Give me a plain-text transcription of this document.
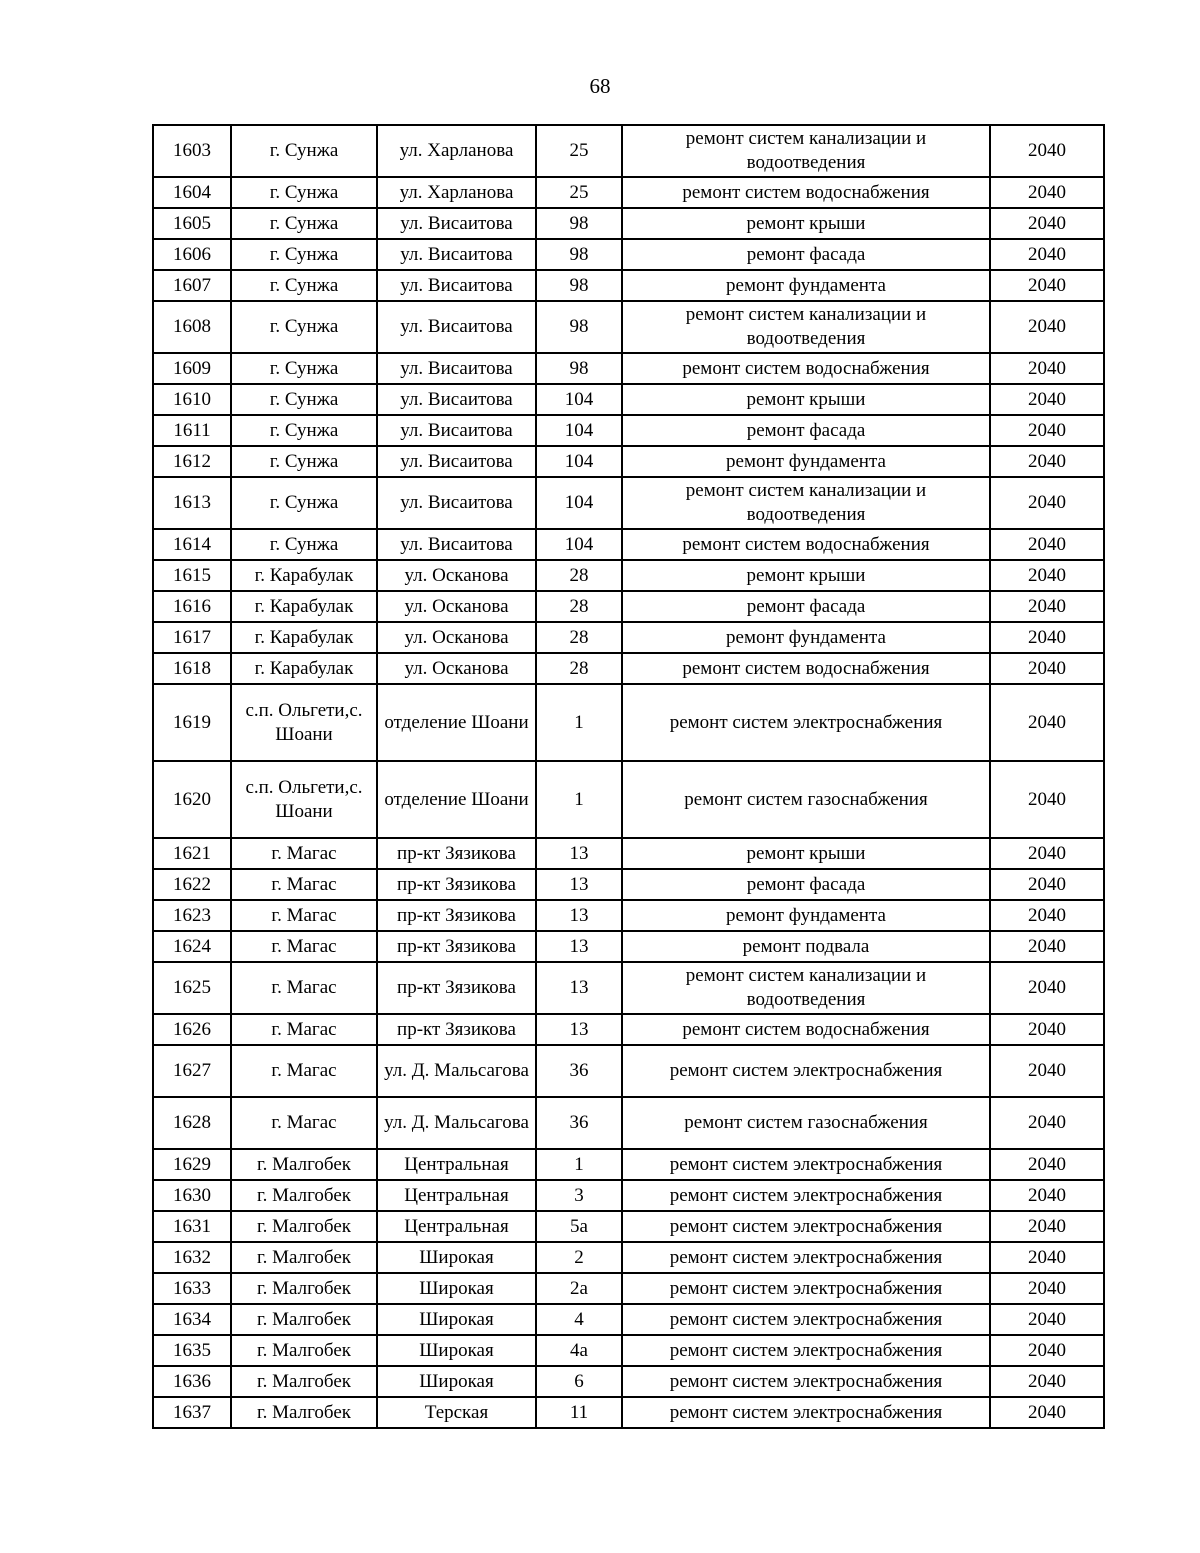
68
1603	г. Сунжа	ул. Харланова	25	ремонт систем канализации и водоотведения	2040
1604	г. Сунжа	ул. Харланова	25	ремонт систем водоснабжения	2040
1605	г. Сунжа	ул. Висаитова	98	ремонт крыши	2040
1606	г. Сунжа	ул. Висаитова	98	ремонт фасада	2040
1607	г. Сунжа	ул. Висаитова	98	ремонт фундамента	2040
1608	г. Сунжа	ул. Висаитова	98	ремонт систем канализации и водоотведения	2040
1609	г. Сунжа	ул. Висаитова	98	ремонт систем водоснабжения	2040
1610	г. Сунжа	ул. Висаитова	104	ремонт крыши	2040
1611	г. Сунжа	ул. Висаитова	104	ремонт фасада	2040
1612	г. Сунжа	ул. Висаитова	104	ремонт фундамента	2040
1613	г. Сунжа	ул. Висаитова	104	ремонт систем канализации и водоотведения	2040
1614	г. Сунжа	ул. Висаитова	104	ремонт систем водоснабжения	2040
1615	г. Карабулак	ул. Осканова	28	ремонт крыши	2040
1616	г. Карабулак	ул. Осканова	28	ремонт фасада	2040
1617	г. Карабулак	ул. Осканова	28	ремонт фундамента	2040
1618	г. Карабулак	ул. Осканова	28	ремонт систем водоснабжения	2040
1619	с.п. Ольгети,с. Шоани	отделение Шоани	1	ремонт систем электроснабжения	2040
1620	с.п. Ольгети,с. Шоани	отделение Шоани	1	ремонт систем газоснабжения	2040
1621	г. Магас	пр-кт Зязикова	13	ремонт крыши	2040
1622	г. Магас	пр-кт Зязикова	13	ремонт фасада	2040
1623	г. Магас	пр-кт Зязикова	13	ремонт фундамента	2040
1624	г. Магас	пр-кт Зязикова	13	ремонт подвала	2040
1625	г. Магас	пр-кт Зязикова	13	ремонт систем канализации и водоотведения	2040
1626	г. Магас	пр-кт Зязикова	13	ремонт систем водоснабжения	2040
1627	г. Магас	ул. Д. Мальсагова	36	ремонт систем электроснабжения	2040
1628	г. Магас	ул. Д. Мальсагова	36	ремонт систем газоснабжения	2040
1629	г. Малгобек	Центральная	1	ремонт систем электроснабжения	2040
1630	г. Малгобек	Центральная	3	ремонт систем электроснабжения	2040
1631	г. Малгобек	Центральная	5а	ремонт систем электроснабжения	2040
1632	г. Малгобек	Широкая	2	ремонт систем электроснабжения	2040
1633	г. Малгобек	Широкая	2а	ремонт систем электроснабжения	2040
1634	г. Малгобек	Широкая	4	ремонт систем электроснабжения	2040
1635	г. Малгобек	Широкая	4а	ремонт систем электроснабжения	2040
1636	г. Малгобек	Широкая	6	ремонт систем электроснабжения	2040
1637	г. Малгобек	Терская	11	ремонт систем электроснабжения	2040
